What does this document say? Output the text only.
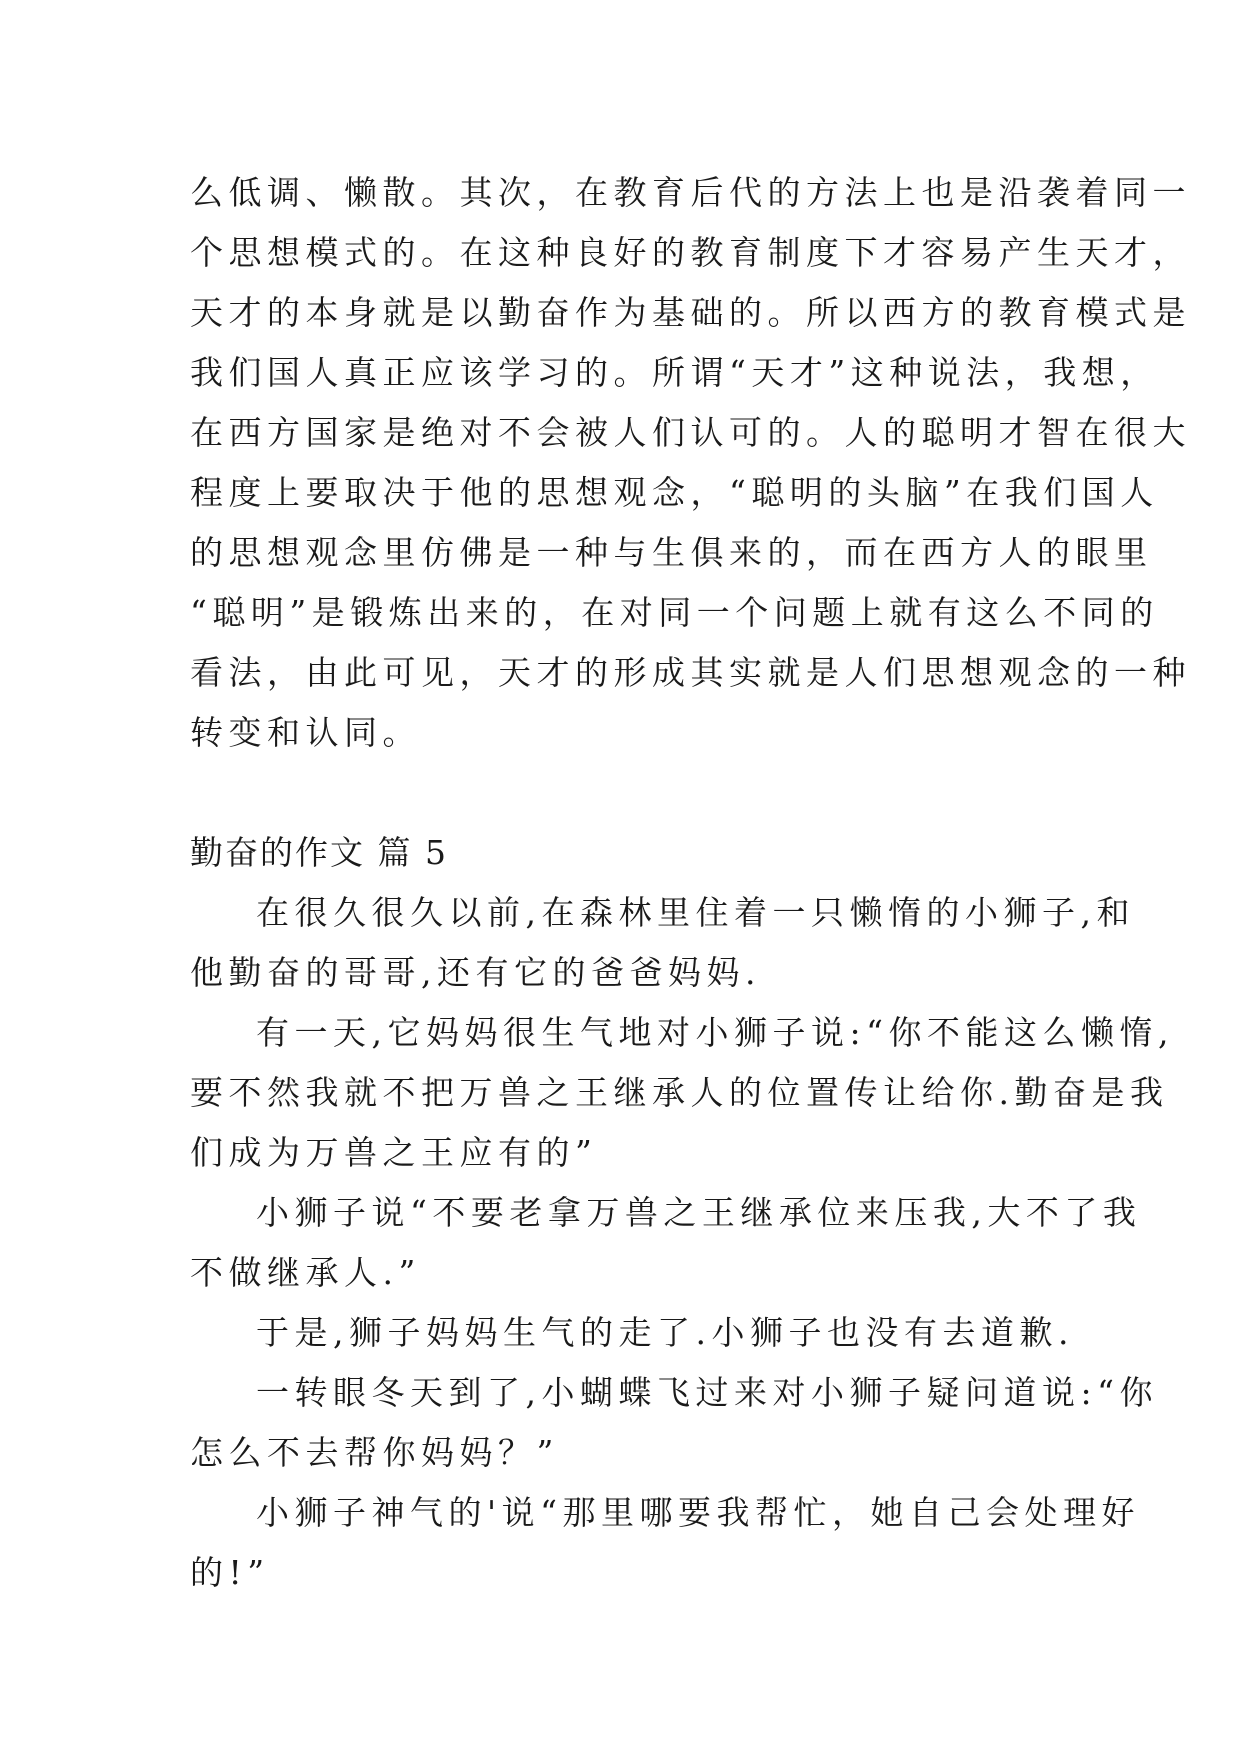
么低调、懒散。其次，在教育后代的方法上也是沿袭着同一
个思想模式的。在这种良好的教育制度下才容易产生天才，
天才的本身就是以勤奋作为基础的。所以西方的教育模式是
我们国人真正应该学习的。所谓“天才”这种说法，我想，
在西方国家是绝对不会被人们认可的。人的聪明才智在很大
程度上要取决于他的思想观念，“聪明的头脑”在我们国人
的思想观念里仿佛是一种与生俱来的，而在西方人的眼里
“聪明”是锻炼出来的，在对同一个问题上就有这么不同的
看法，由此可见，天才的形成其实就是人们思想观念的一种
转变和认同。
勤奋的作文 篇 5
在很久很久以前,在森林里住着一只懒惰的小狮子,和
他勤奋的哥哥,还有它的爸爸妈妈.
有一天,它妈妈很生气地对小狮子说:“你不能这么懒惰,
要不然我就不把万兽之王继承人的位置传让给你.勤奋是我
们成为万兽之王应有的”
小狮子说“不要老拿万兽之王继承位来压我,大不了我
不做继承人.”
于是,狮子妈妈生气的走了.小狮子也没有去道歉.
一转眼冬天到了,小蝴蝶飞过来对小狮子疑问道说:“你
怎么不去帮你妈妈？”
小狮子神气的'说“那里哪要我帮忙，她自己会处理好
的!”
